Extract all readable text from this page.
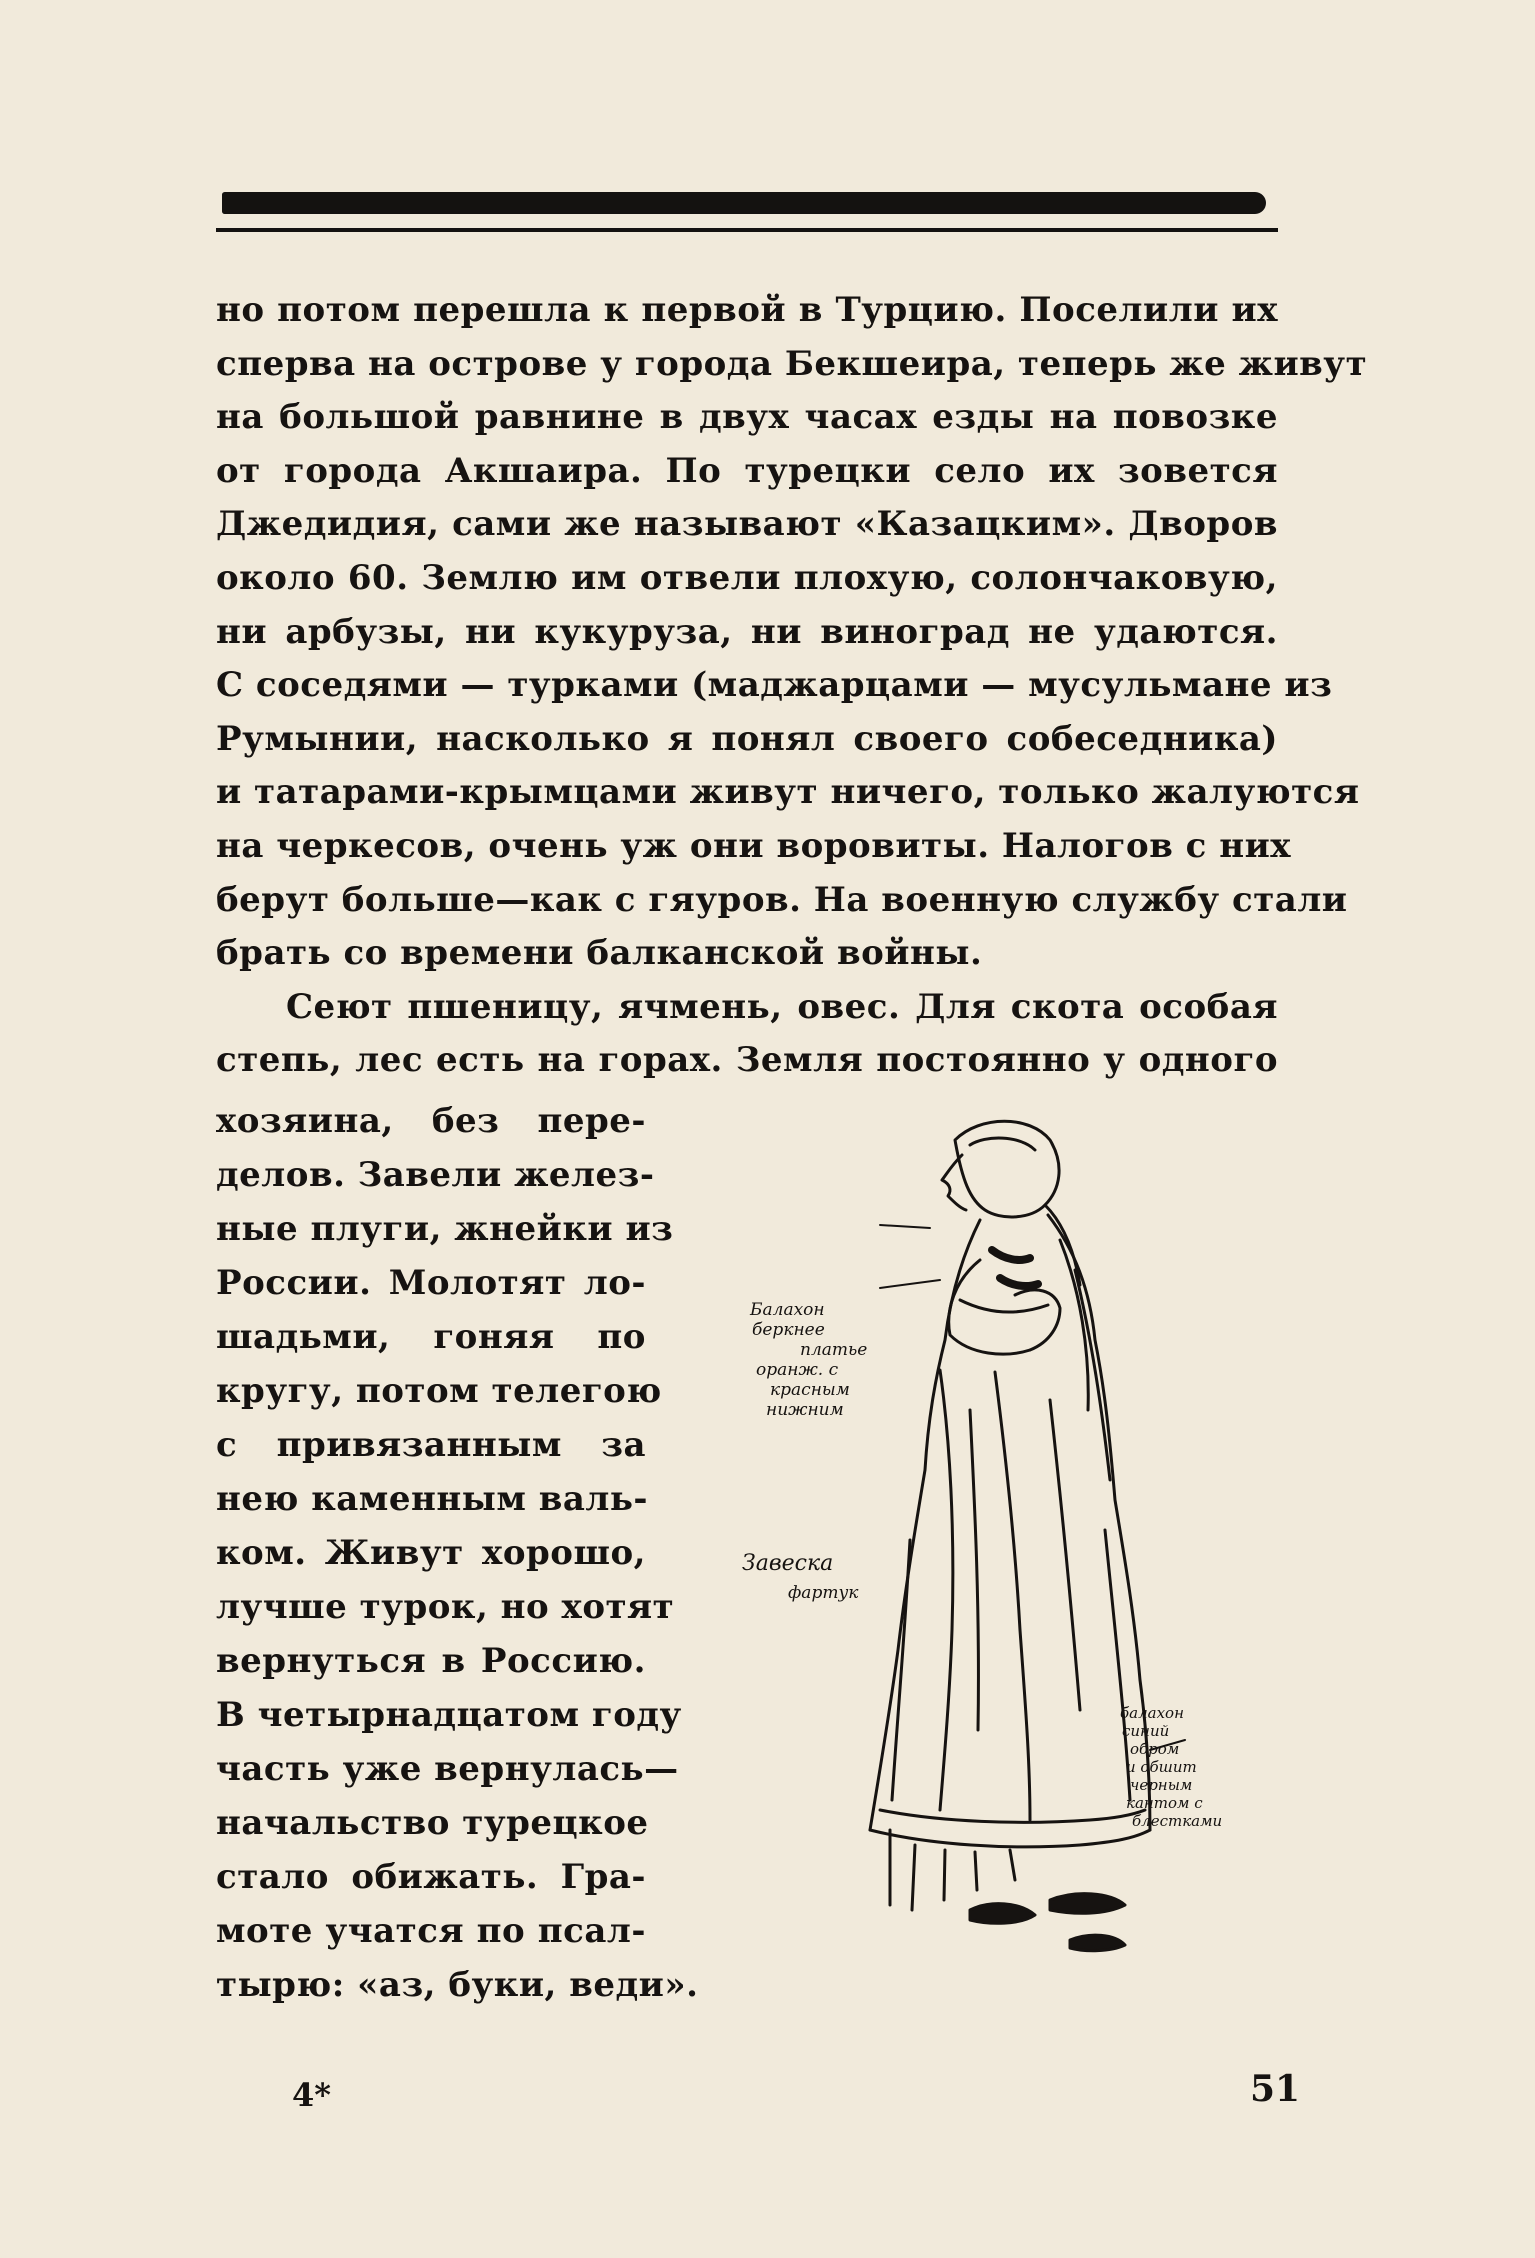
но потом перешла к первой в Турцию. Поселили их
сперва на острове у города Бекшеира, теперь же живут
на большой равнине в двух часах езды на повозке
от города Акшаира. По турецки село их зовется
Джедидия, сами же называют «Казацким». Дворов
около 60. Землю им отвели плохую, солончаковую,
ни арбузы, ни кукуруза, ни виноград не удаются.
С соседями — турками (маджарцами — мусульмане из
Румынии, насколько я понял своего собеседника)
и татарами-крымцами живут ничего, только жалуются
на черкесов, очень уж они воровиты. Налогов с них
берут больше—как с гяуров. На военную службу стали
брать со времени балканской войны.
Сеют пшеницу, ячмень, овес. Для скота особая
степь, лес есть на горах. Земля постоянно у одного
хозяина, без пере-
делов. Завели желез-
ные плуги, жнейки из
России. Молотят ло-
шадьми, гоняя по
кругу, потом телегою
с привязанным за
нею каменным валь-
ком. Живут хорошо,
лучше турок, но хотят
вернуться в Россию.
В четырнадцатом году
часть уже вернулась—
начальство турецкое
стало обижать. Гра-
моте учатся по псал-
тырю: «аз, буки, веди».
Балахон
беркнее
платье
оранж. с
красным
нижним
Завеска
фартук
балахон
синий
обром
и обшит
черным
кантом с
блестками
4*	51
